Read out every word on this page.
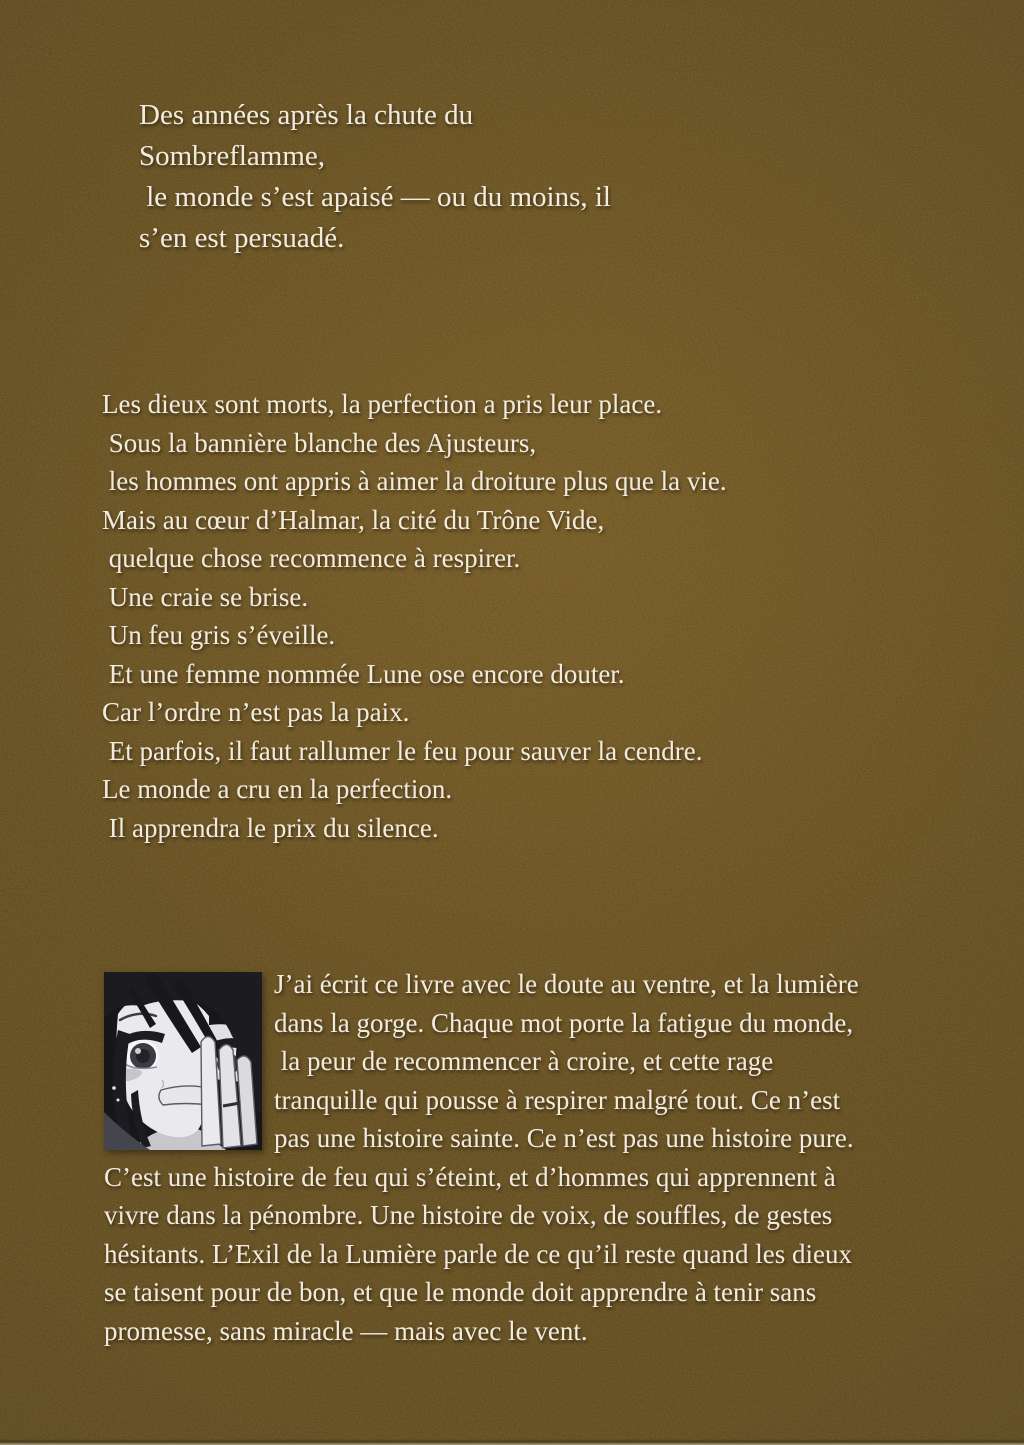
Des années après la chute du
Sombreflamme,
le monde s’est apaisé — ou du moins, il
s’en est persuadé.
Les dieux sont morts, la perfection a pris leur place.
Sous la bannière blanche des Ajusteurs,
les hommes ont appris à aimer la droiture plus que la vie.
Mais au cœur d’Halmar, la cité du Trône Vide,
quelque chose recommence à respirer.
Une craie se brise.
Un feu gris s’éveille.
Et une femme nommée Lune ose encore douter.
Car l’ordre n’est pas la paix.
Et parfois, il faut rallumer le feu pour sauver la cendre.
Le monde a cru en la perfection.
Il apprendra le prix du silence.
J’ai écrit ce livre avec le doute au ventre, et la lumière
dans la gorge. Chaque mot porte la fatigue du monde,
la peur de recommencer à croire, et cette rage
tranquille qui pousse à respirer malgré tout. Ce n’est
pas une histoire sainte. Ce n’est pas une histoire pure.
C’est une histoire de feu qui s’éteint, et d’hommes qui apprennent à
vivre dans la pénombre. Une histoire de voix, de souffles, de gestes
hésitants. L’Exil de la Lumière parle de ce qu’il reste quand les dieux
se taisent pour de bon, et que le monde doit apprendre à tenir sans
promesse, sans miracle — mais avec le vent.
